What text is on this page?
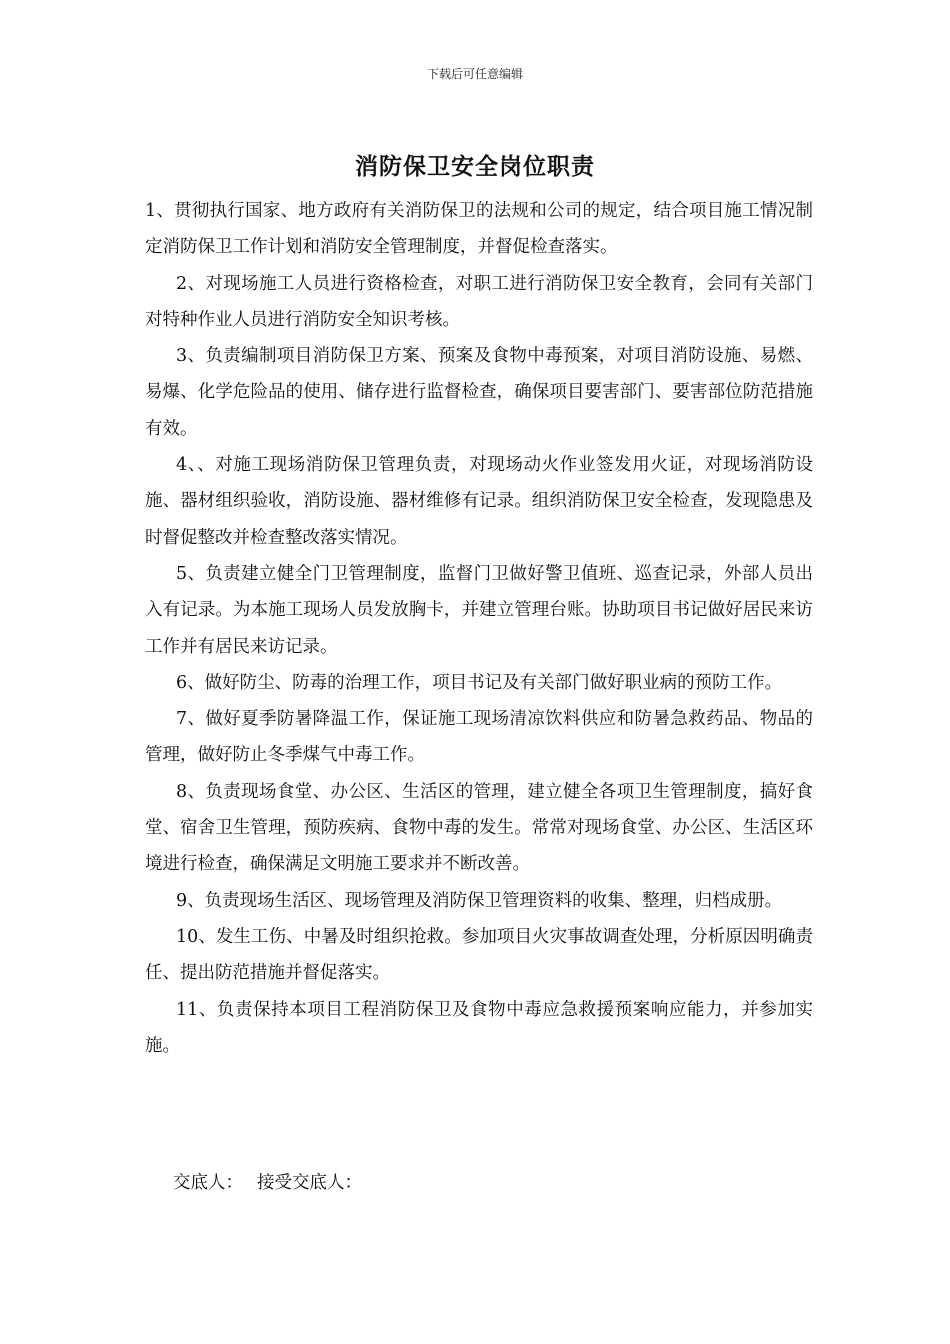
下载后可任意编辑
消防保卫安全岗位职责

1、贯彻执行国家、地方政府有关消防保卫的法规和公司的规定，结合项目施工情况制定消防保卫工作计划和消防安全管理制度，并督促检查落实。

2、对现场施工人员进行资格检查，对职工进行消防保卫安全教育，会同有关部门对特种作业人员进行消防安全知识考核。

3、负责编制项目消防保卫方案、预案及食物中毒预案，对项目消防设施、易燃、易爆、化学危险品的使用、储存进行监督检查，确保项目要害部门、要害部位防范措施有效。

4、、对施工现场消防保卫管理负责，对现场动火作业签发用火证，对现场消防设施、器材组织验收，消防设施、器材维修有记录。组织消防保卫安全检查，发现隐患及时督促整改并检查整改落实情况。

5、负责建立健全门卫管理制度，监督门卫做好警卫值班、巡查记录，外部人员出入有记录。为本施工现场人员发放胸卡，并建立管理台账。协助项目书记做好居民来访工作并有居民来访记录。

6、做好防尘、防毒的治理工作，项目书记及有关部门做好职业病的预防工作。

7、做好夏季防暑降温工作，保证施工现场清凉饮料供应和防暑急救药品、物品的管理，做好防止冬季煤气中毒工作。

8、负责现场食堂、办公区、生活区的管理，建立健全各项卫生管理制度，搞好食堂、宿舍卫生管理，预防疾病、食物中毒的发生。常常对现场食堂、办公区、生活区环境进行检查，确保满足文明施工要求并不断改善。

9、负责现场生活区、现场管理及消防保卫管理资料的收集、整理，归档成册。

10、发生工伤、中暑及时组织抢救。参加项目火灾事故调查处理，分析原因明确责任、提出防范措施并督促落实。

11、负责保持本项目工程消防保卫及食物中毒应急救援预案响应能力，并参加实施。

交底人： 接受交底人：
